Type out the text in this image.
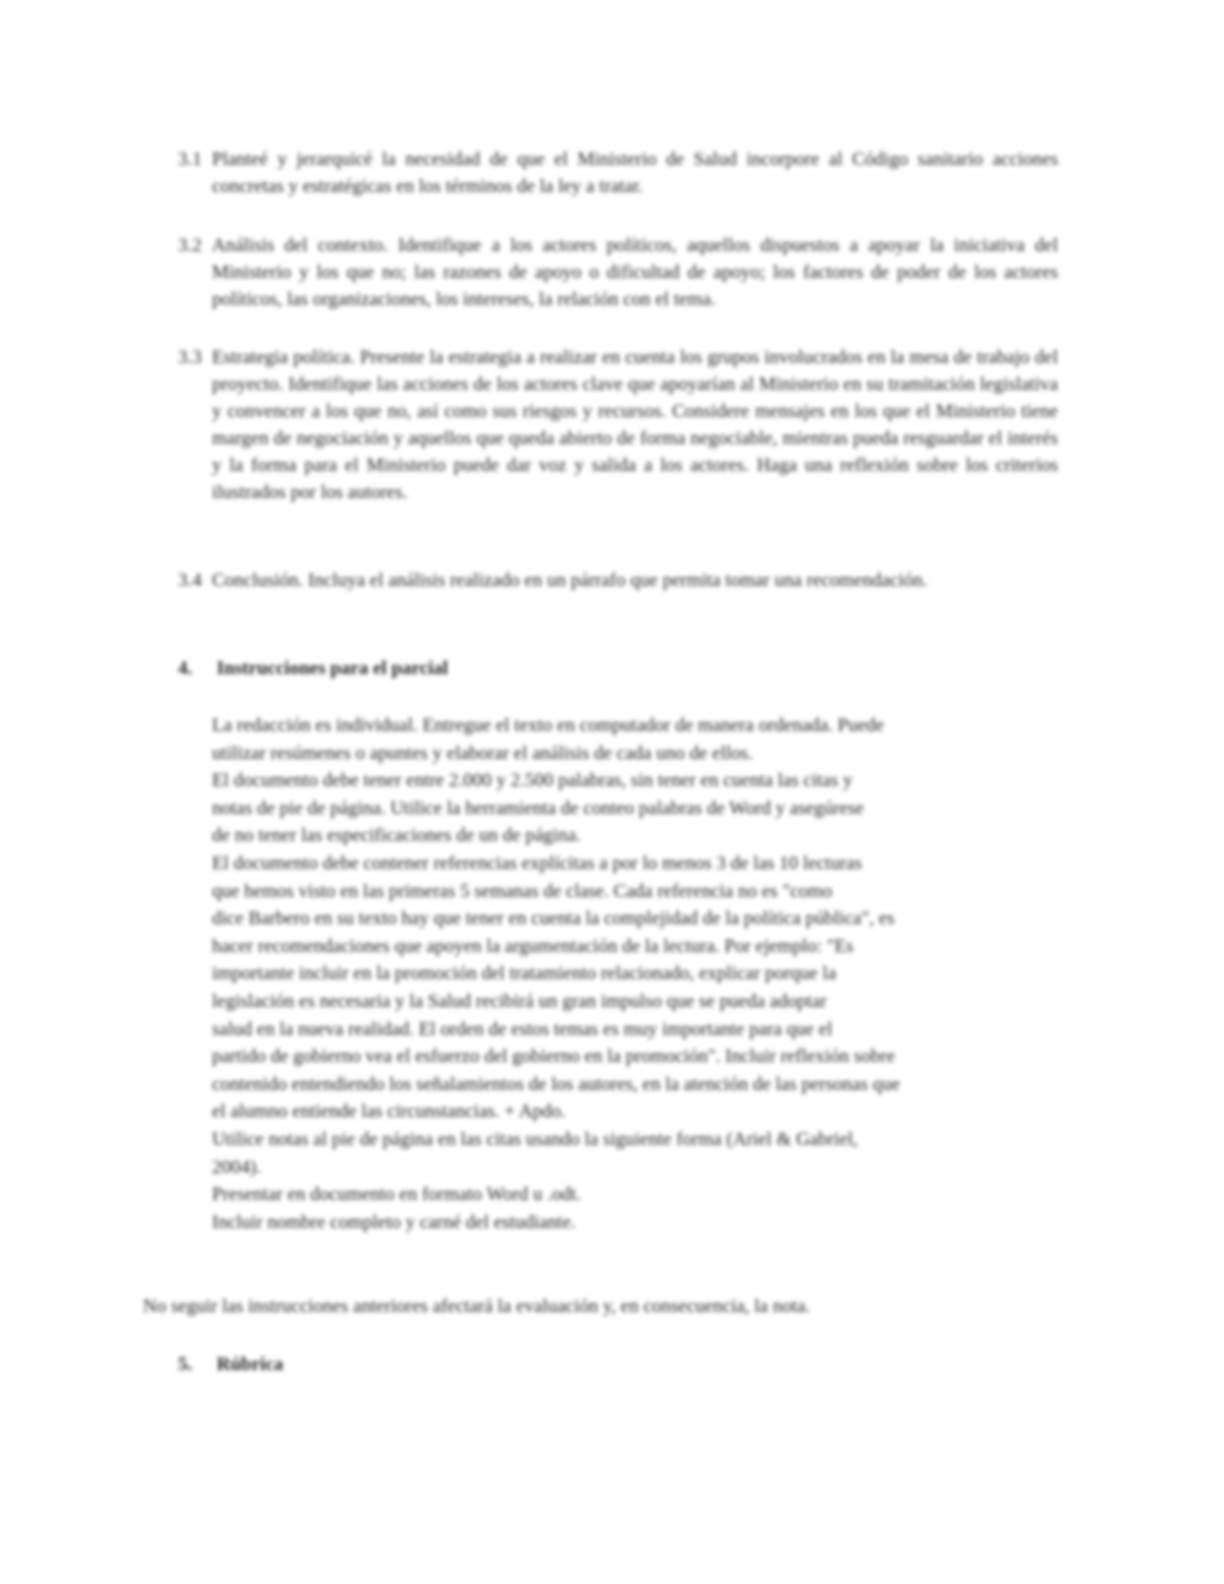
3.1 Planteé y jerarquicé la necesidad de que el Ministerio de Salud incorpore al Código sanitario acciones concretas y estratégicas en los términos de la ley a tratar.
3.2 Análisis del contexto. Identifique a los actores políticos, aquellos dispuestos a apoyar la iniciativa del Ministerio y los que no; las razones de apoyo o dificultad de apoyo; los factores de poder de los actores políticos, las organizaciones, los intereses, la relación con el tema.
3.3 Estrategia política. Presente la estrategia a realizar en cuenta los grupos involucrados en la mesa de trabajo del proyecto. Identifique las acciones de los actores clave que apoyarían al Ministerio en su tramitación legislativa y convencer a los que no, así como sus riesgos y recursos. Considere mensajes en los que el Ministerio tiene margen de negociación y aquellos que queda abierto de forma negociable, mientras pueda resguardar el interés y la forma para el Ministerio puede dar voz y salida a los actores. Haga una reflexión sobre los criterios ilustrados por los autores.
3.4 Conclusión. Incluya el análisis realizado en un párrafo que permita tomar una recomendación.
4. Instrucciones para el parcial
La redacción es individual. Entregue el texto en computador de manera ordenada. Puede
utilizar resúmenes o apuntes y elaborar el análisis de cada uno de ellos.
El documento debe tener entre 2.000 y 2.500 palabras, sin tener en cuenta las citas y
notas de pie de página. Utilice la herramienta de conteo palabras de Word y asegúrese
de no tener las especificaciones de un de página.
El documento debe contener referencias explícitas a por lo menos 3 de las 10 lecturas
que hemos visto en las primeras 5 semanas de clase. Cada referencia no es "como
dice Barbero en su texto hay que tener en cuenta la complejidad de la política pública", es
hacer recomendaciones que apoyen la argumentación de la lectura. Por ejemplo: "Es
importante incluir en la promoción del tratamiento relacionado, explicar porque la
legislación es necesaria y la Salud recibirá un gran impulso que se pueda adoptar
salud en la nueva realidad. El orden de estos temas es muy importante para que el
partido de gobierno vea el esfuerzo del gobierno en la promoción". Incluir reflexión sobre
contenido entendiendo los señalamientos de los autores, en la atención de las personas que
el alumno entiende las circunstancias. + Apdo.
Utilice notas al pie de página en las citas usando la siguiente forma (Ariel & Gabriel,
2004).
Presentar en documento en formato Word u .odt.
Incluir nombre completo y carné del estudiante.

No seguir las instrucciones anteriores afectará la evaluación y, en consecuencia, la nota.

5. Rúbrica
